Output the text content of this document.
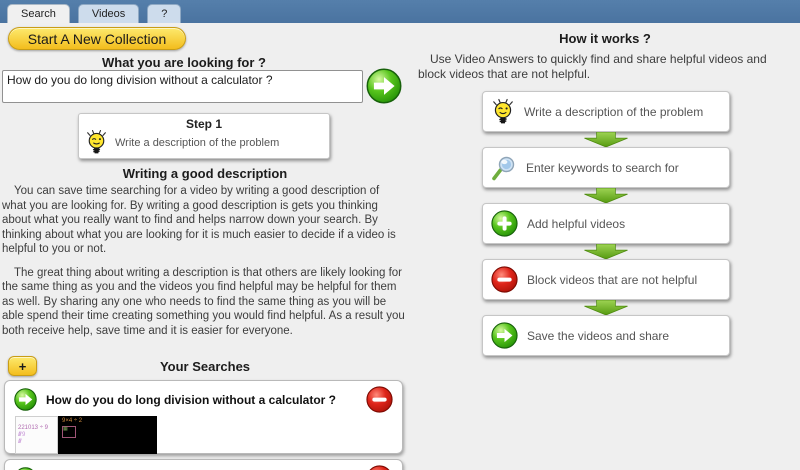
Search	Videos	?
Start A New Collection
What you are looking for ?
How do you do long division without a calculator ?
Step 1
Write a description of the problem
Writing a good description

You can save time searching for a video by writing a good description of what you are looking for. By writing a good description is gets you thinking about what you really want to find and helps narrow down your search. By thinking about what you are looking for it is much easier to decide if a video is helpful to you or not.

The great thing about writing a description is that others are likely looking for the same thing as you and the videos you find helpful may be helpful for them as well. By sharing any one who needs to find the same thing as you will be able spend their time creating something you would find helpful. As a result you both receive help, save time and it is easier for everyone.

+	Your Searches
How do you do long division without a calculator ?
221013 ÷ 9
////  9
////
9×4 ÷ 2
▦
How it works ?

Use Video Answers to quickly find and share helpful videos and block videos that are not helpful.

Write a description of the problem
Enter keywords to search for
Add helpful videos
Block videos that are not helpful
Save the videos and share
